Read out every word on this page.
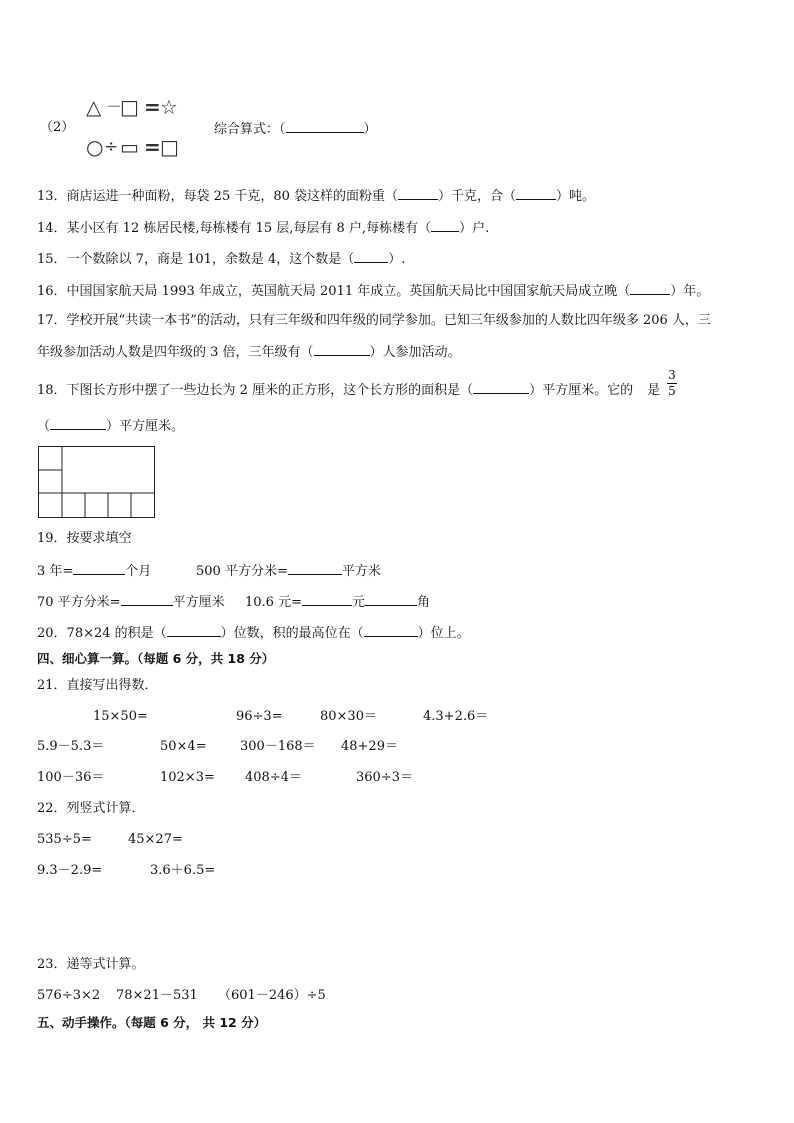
（2）
△ －
□ = ☆
○ ÷ ▭ = □
综合算式：（	）
13．商店运进一种面粉，每袋 25 千克，80 袋这样的面粉重（	）千克，合（	）吨。
14．某小区有 12 栋居民楼,每栋楼有 15 层,每层有 8 户,每栋楼有（ ）户.
15．一个数除以 7，商是 101，余数是 4，这个数是（	）.
16．中国国家航天局 1993 年成立，英国航天局 2011 年成立。英国航天局比中国国家航天局成立晚（	）年。
17．学校开展“共读一本书”的活动，只有三年级和四年级的同学参加。已知三年级参加的人数比四年级多 206 人，三
年级参加活动人数是四年级的 3 倍，三年级有（	）人参加活动。
18．下图长方形中摆了一些边长为 2 厘米的正方形，这个长方形的面积是（	）平方厘米。它的 是
3
5
（	）平方厘米。
19．按要求填空
3 年=	个月	500 平方分米=	平方米
70 平方分米=	平方厘米 10.6 元=	元	角
20．78×24 的积是（	）位数，积的最高位在（	）位上。
四、细心算一算。（每题 6 分，共 18 分）
21．直接写出得数．
15×50=	96÷3=	80×30＝	4.3+2.6＝
5.9－5.3＝	50×4=	300－168＝ 48+29＝
100－36＝	102×3= 408÷4＝	360÷3＝
22．列竖式计算．
535÷5=	45×27=
9.3－2.9=	3.6＋6.5=
23．递等式计算。
576÷3×2 78×21－531 （601－246）÷5
五、动手操作。（每题 6 分， 共 12 分）
